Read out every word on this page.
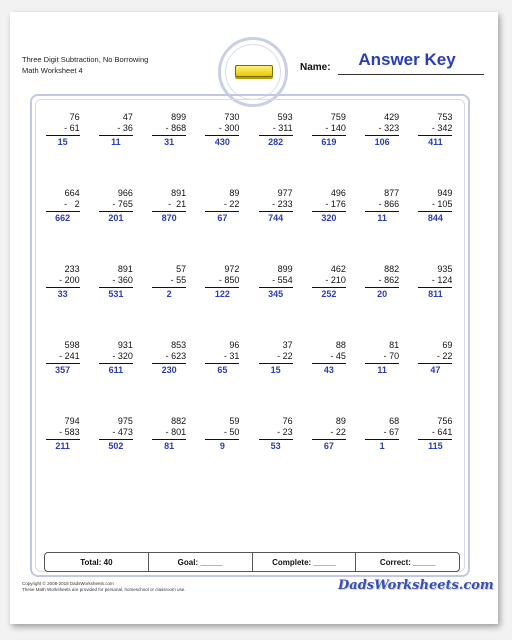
Three Digit Subtraction, No Borrowing
Math Worksheet 4	Name:	Answer Key
76
- 61
15
47
- 36
11
899
- 868
31
730
- 300
430
593
- 311
282
759
- 140
619
429
- 323
106
753
- 342
411
664
-   2
662
966
- 765
201
891
-  21
870
89
- 22
67
977
- 233
744
496
- 176
320
877
- 866
11
949
- 105
844
233
- 200
33
891
- 360
531
57
- 55
2
972
- 850
122
899
- 554
345
462
- 210
252
882
- 862
20
935
- 124
811
598
- 241
357
931
- 320
611
853
- 623
230
96
- 31
65
37
- 22
15
88
- 45
43
81
- 70
11
69
- 22
47
794
- 583
211
975
- 473
502
882
- 801
81
59
- 50
9
76
- 23
53
89
- 22
67
68
- 67
1
756
- 641
115
Total: 40	Goal: _____	Complete: _____	Correct: _____
Copyright © 2008-2018 DadsWorksheets.com
These Math Worksheets are provided for personal, homeschool or classroom use.	DadsWorksheets.com
